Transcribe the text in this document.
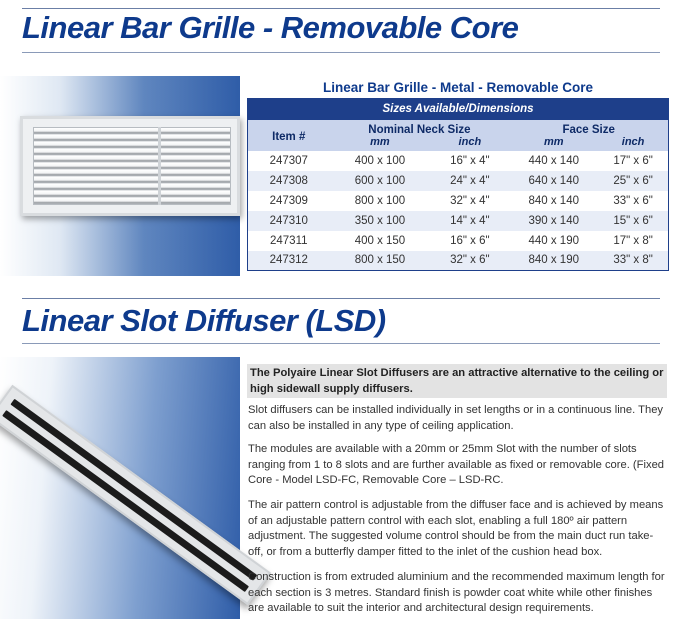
Linear Bar Grille - Removable Core
Linear Bar Grille - Metal - Removable Core
Sizes Available/Dimensions				
Item #	Nominal Neck Size		Face Size	
	mm	inch	mm	inch
247307	400 x 100	16" x 4"	440 x 140	17" x 6"
247308	600 x 100	24" x 4"	640 x 140	25" x 6"
247309	800 x 100	32" x 4"	840 x 140	33" x 6"
247310	350 x 100	14" x 4"	390 x 140	15" x 6"
247311	400 x 150	16" x 6"	440 x 190	17" x 8"
247312	800 x 150	32" x 6"	840 x 190	33" x 8"
Linear Slot Diffuser (LSD)
The Polyaire Linear Slot Diffusers are an attractive alternative to the ceiling or high sidewall supply diffusers.
Slot diffusers can be installed individually in set lengths or in a continuous line. They can also be installed in any type of ceiling application.
The modules are available with a 20mm or 25mm Slot with the number of slots ranging from 1 to 8 slots and are further available as fixed or removable core. (Fixed Core - Model LSD-FC, Removable Core – LSD-RC.
The air pattern control is adjustable from the diffuser face and is achieved by means of an adjustable pattern control with each slot, enabling a full 180º air pattern adjustment. The suggested volume control should be from the main duct run take-off, or from a butterfly damper fitted to the inlet of the cushion head box.
Construction is from extruded aluminium and the recommended maximum length for each section is 3 metres. Standard finish is powder coat white while other finishes are available to suit the interior and architectural design requirements.
